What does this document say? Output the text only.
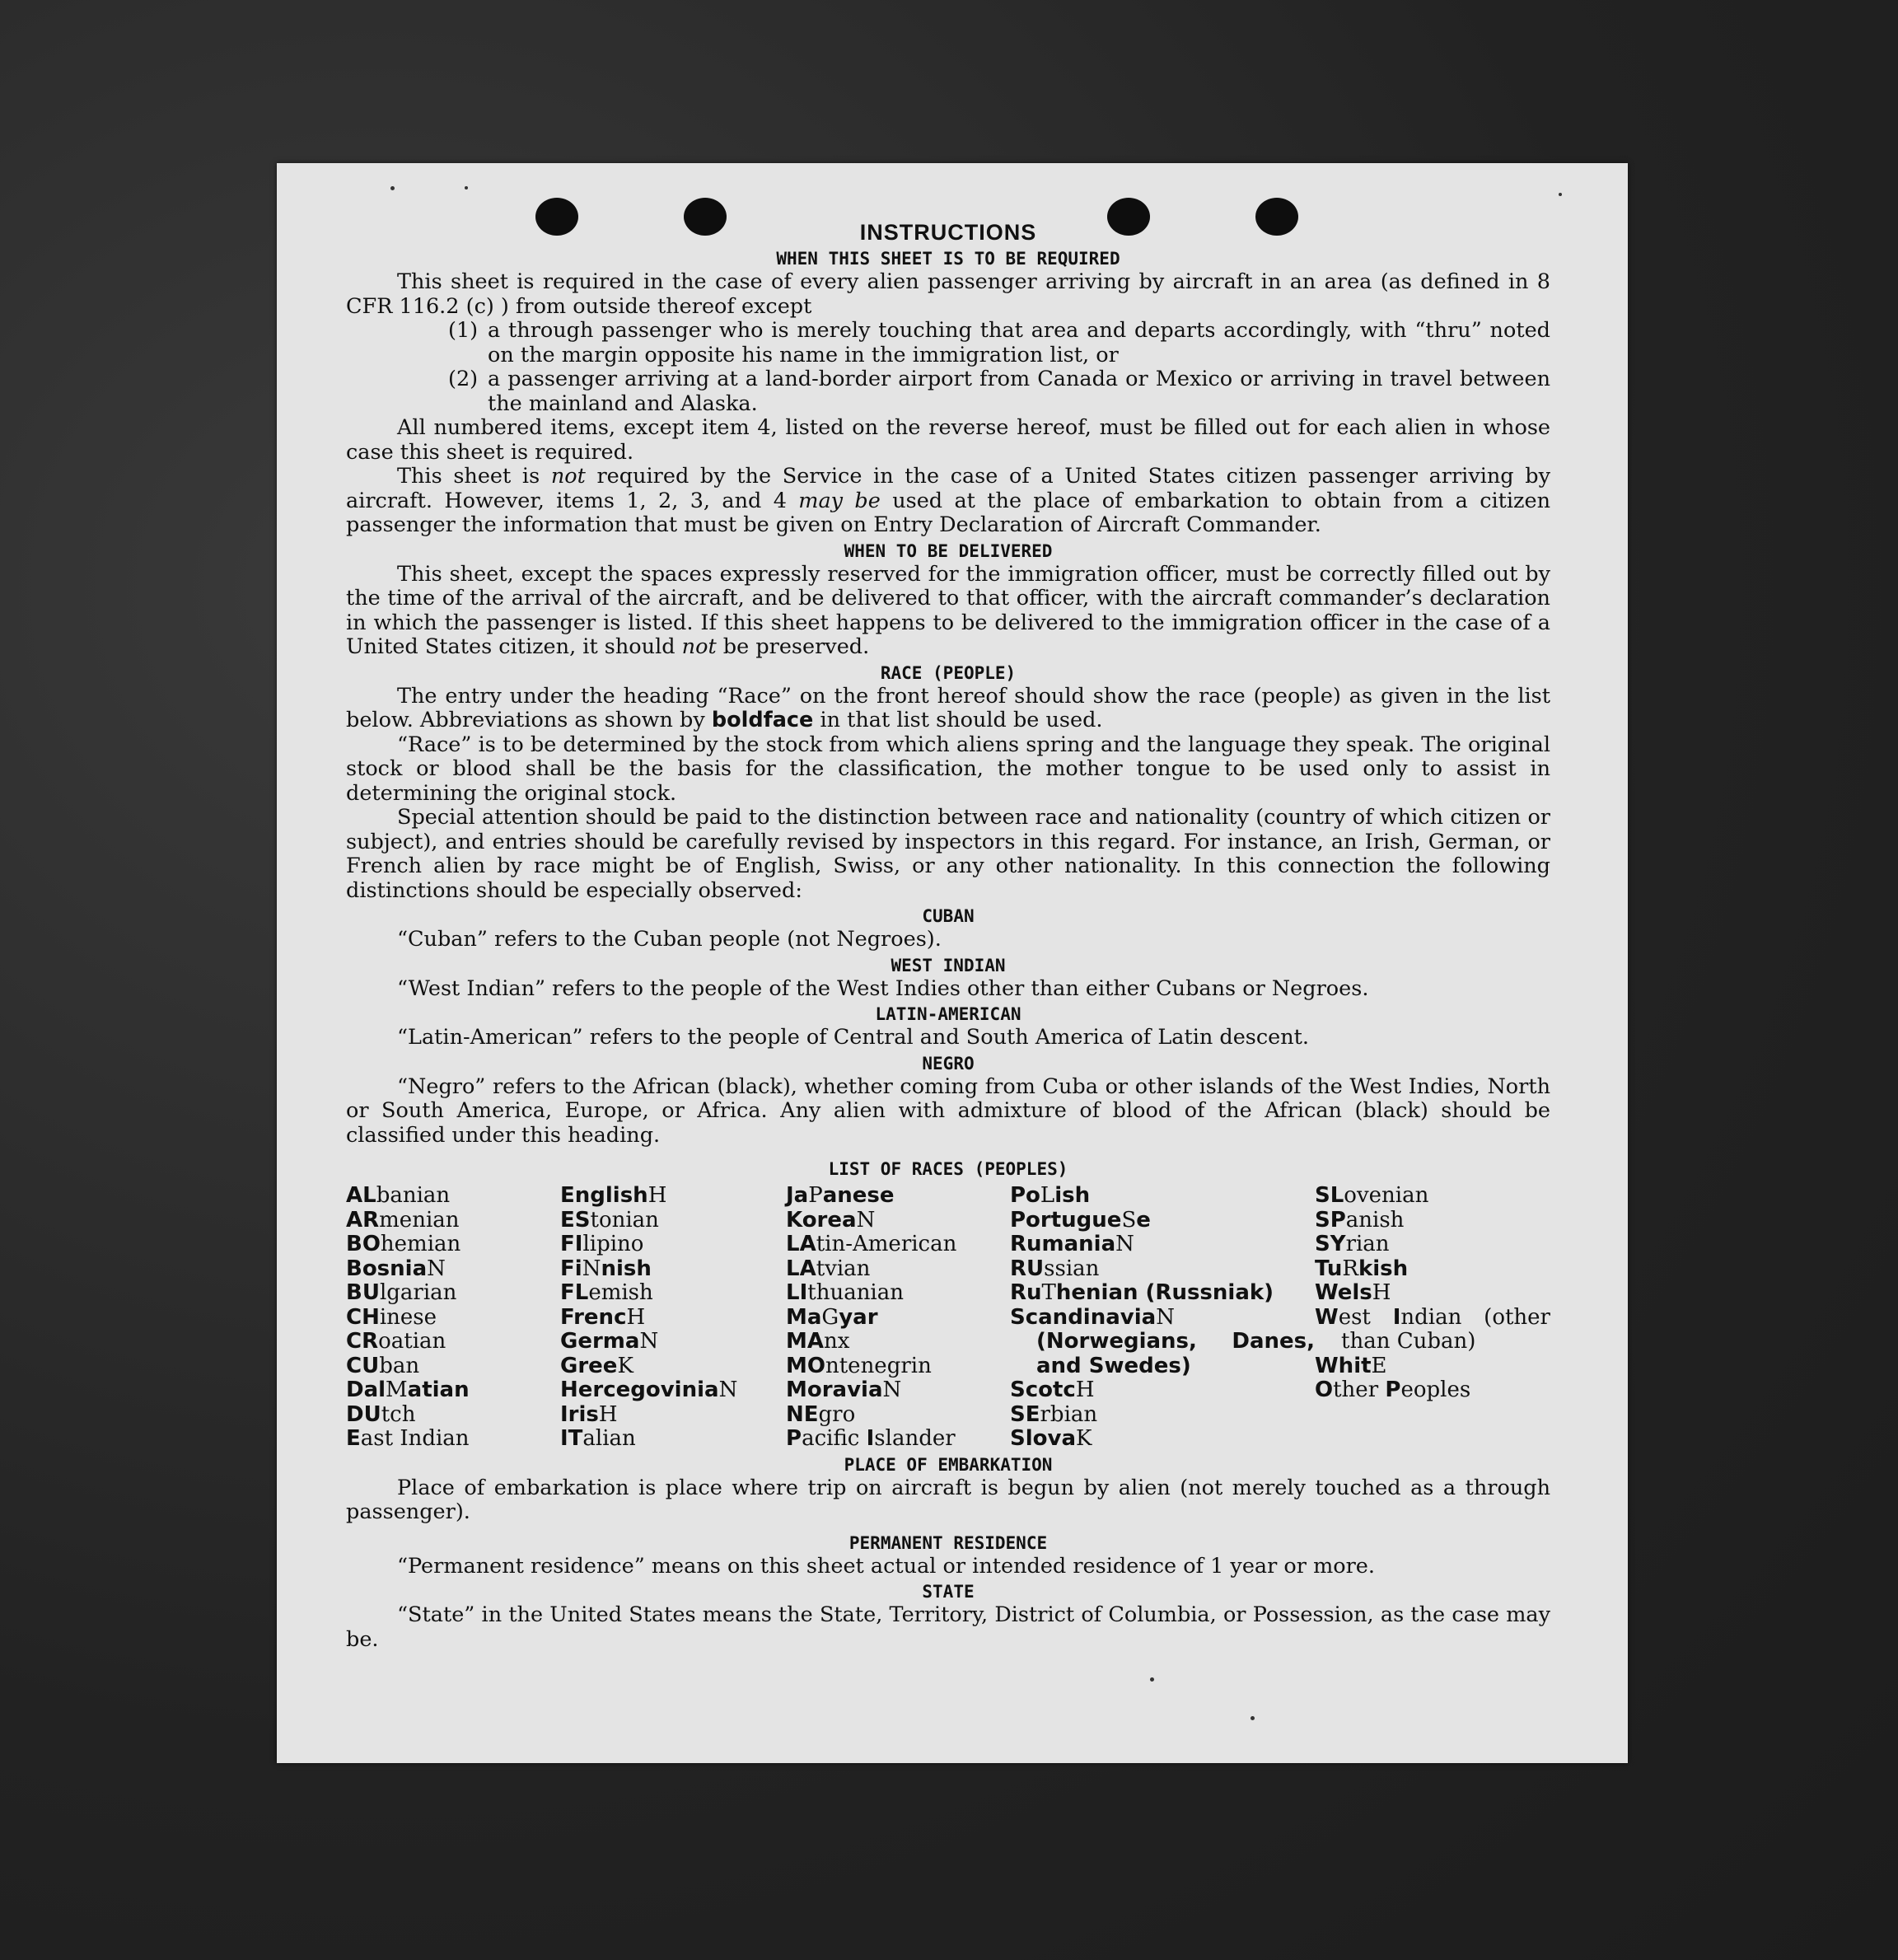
INSTRUCTIONS
WHEN THIS SHEET IS TO BE REQUIRED

This sheet is required in the case of every alien passenger arriving by aircraft in an area (as defined in 8 CFR 116.2 (c) ) from outside thereof except

(1) a through passenger who is merely touching that area and departs accordingly, with “thru” noted on the margin opposite his name in the immigration list, or

(2) a passenger arriving at a land-border airport from Canada or Mexico or arriving in travel between the mainland and Alaska.

All numbered items, except item 4, listed on the reverse hereof, must be filled out for each alien in whose case this sheet is required.

This sheet is not required by the Service in the case of a United States citizen passenger arriving by aircraft. However, items 1, 2, 3, and 4 may be used at the place of embarkation to obtain from a citizen passenger the information that must be given on Entry Declaration of Aircraft Commander.

WHEN TO BE DELIVERED

This sheet, except the spaces expressly reserved for the immigration officer, must be correctly filled out by the time of the arrival of the aircraft, and be delivered to that officer, with the aircraft commander’s declaration in which the passenger is listed. If this sheet happens to be delivered to the immigration officer in the case of a United States citizen, it should not be preserved.

RACE (PEOPLE)

The entry under the heading “Race” on the front hereof should show the race (people) as given in the list below. Abbreviations as shown by boldface in that list should be used.

“Race” is to be determined by the stock from which aliens spring and the language they speak. The original stock or blood shall be the basis for the classification, the mother tongue to be used only to assist in determining the original stock.

Special attention should be paid to the distinction between race and nationality (country of which citizen or subject), and entries should be carefully revised by inspectors in this regard. For instance, an Irish, German, or French alien by race might be of English, Swiss, or any other nationality. In this connection the following distinctions should be especially observed:

CUBAN

“Cuban” refers to the Cuban people (not Negroes).

WEST INDIAN

“West Indian” refers to the people of the West Indies other than either Cubans or Negroes.

LATIN-AMERICAN

“Latin-American” refers to the people of Central and South America of Latin descent.

NEGRO

“Negro” refers to the African (black), whether coming from Cuba or other islands of the West Indies, North or South America, Europe, or Africa. Any alien with admixture of blood of the African (black) should be classified under this heading.

LIST OF RACES (PEOPLES)
ALbanian
ARmenian
BOhemian
BosniaN
BUlgarian
CHinese
CRoatian
CUban
DalMatian
DUtch
East Indian
EnglishH
EStonian
FIlipino
FiNnish
FLemish
FrencH
GermaN
GreeK
HercegoviniaN
IrisH
ITalian
JaPanese
KoreaN
LAtin-American
LAtvian
LIthuanian
MaGyar
MAnx
MOntenegrin
MoraviaN
NEgro
Pacific Islander
PoLish
PortugueSe
RumaniaN
RUssian
RuThenian (Russniak)
ScandinaviaN (Norwegians, Danes, and Swedes)
ScotcH
SErbian
SlovaK
SLovenian
SPanish
SYrian
TuRkish
WelsH
West Indian (other than Cuban)
WhitE
Other Peoples
PLACE OF EMBARKATION

Place of embarkation is place where trip on aircraft is begun by alien (not merely touched as a through passenger).

PERMANENT RESIDENCE

“Permanent residence” means on this sheet actual or intended residence of 1 year or more.

STATE

“State” in the United States means the State, Territory, District of Columbia, or Possession, as the case may be.
